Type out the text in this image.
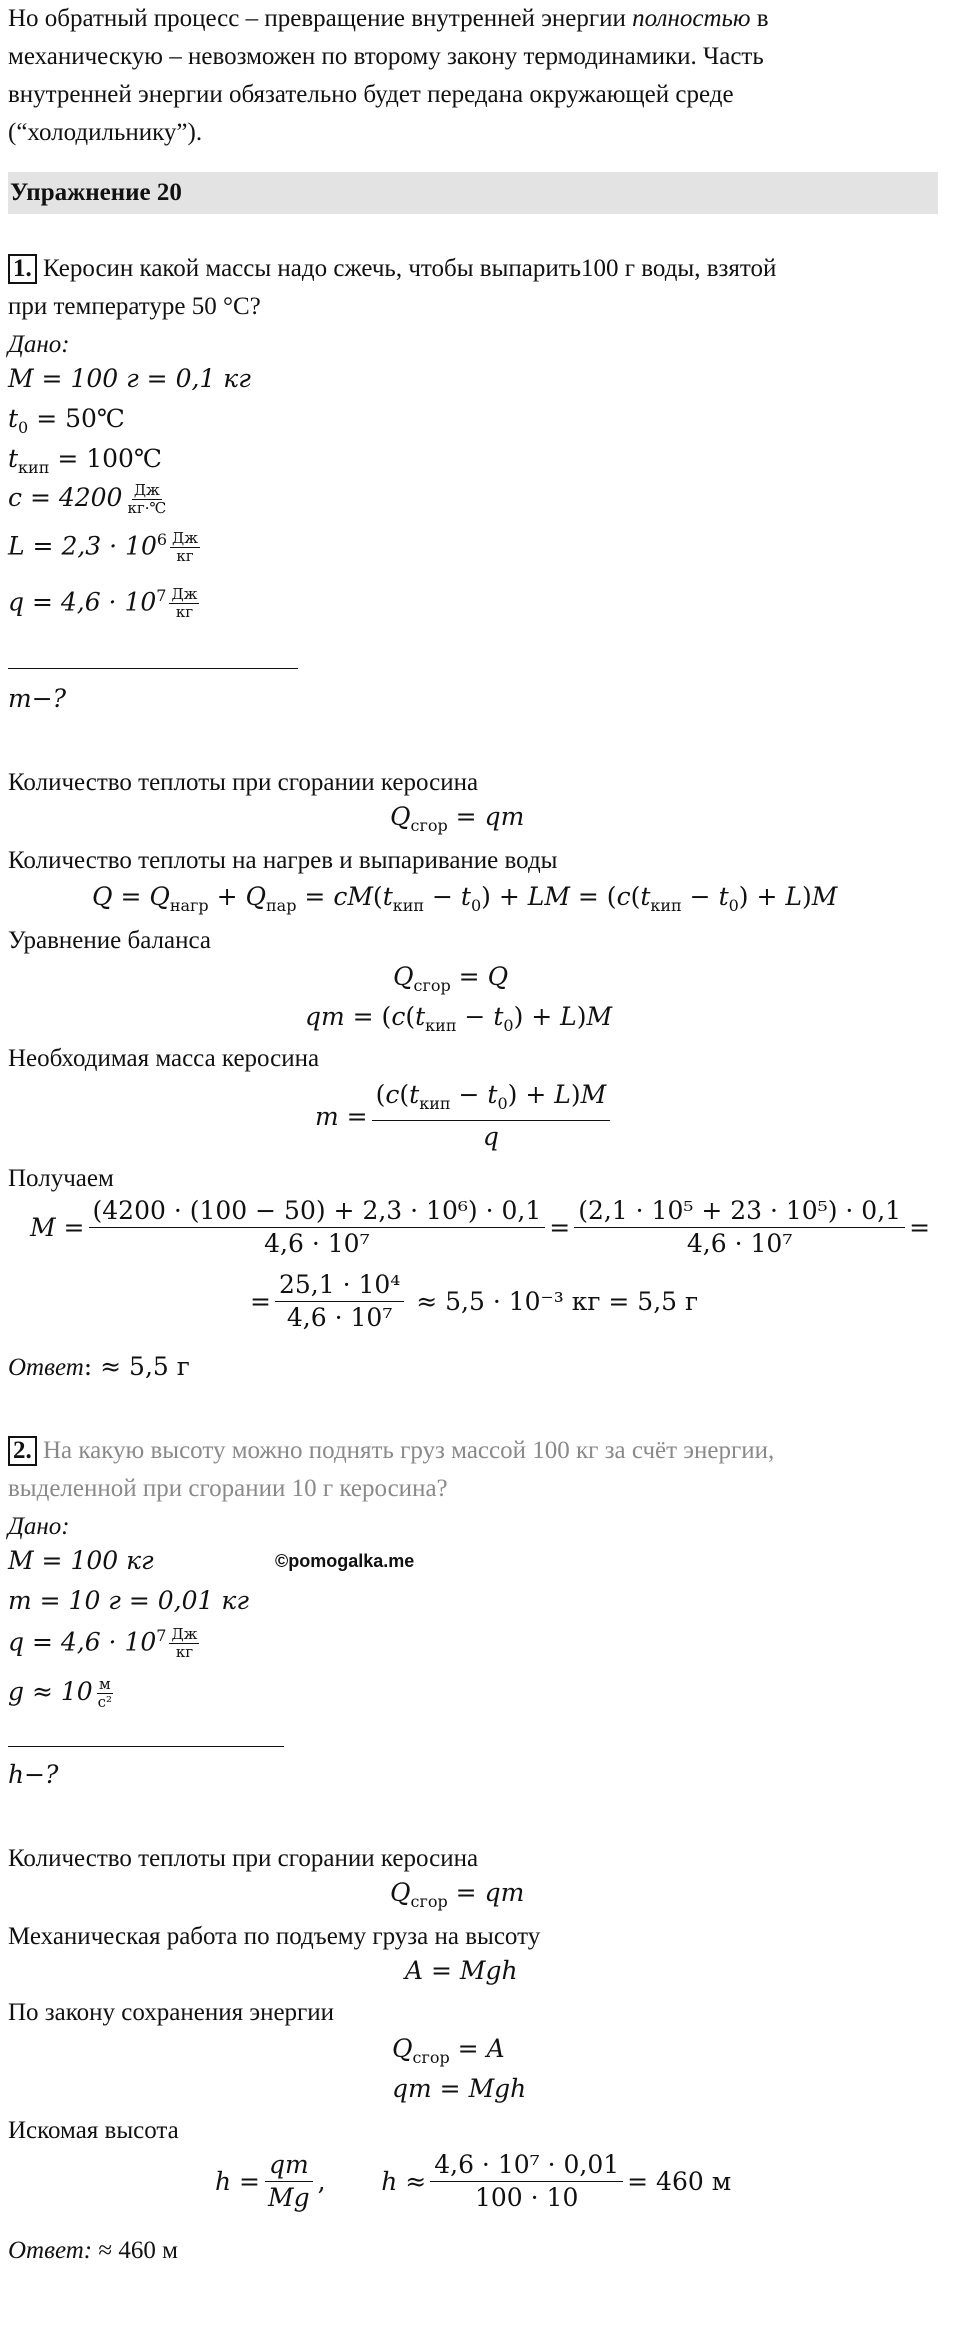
Но обратный процесс – превращение внутренней энергии полностью в
механическую – невозможен по второму закону термодинамики. Часть
внутренней энергии обязательно будет передана окружающей среде
(“холодильнику”).
Упражнение 20
1. Керосин какой массы надо сжечь, чтобы выпарить100 г воды, взятой
при температуре 50 °С?
Дано:
M = 100 г = 0,1 кг
$t_0$ = 50℃
$t_{кип}$ = 100℃
$c = 4200 \frac{Дж}{кг\cdot℃}$
$L = 2,3 \cdot 10^6 \frac{Дж}{кг}$
$q = 4,6 \cdot 10^7 \frac{Дж}{кг}$
m−?
Количество теплоты при сгорании керосина
$Q_{сгор}$ = qm
Количество теплоты на нагрев и выпаривание воды
$Q = Q_{нагр} + Q_{пар} = cM(t_{кип} - t_0)$ + LM = $(c(t_{кип} - t_0) + L)M$
Уравнение баланса
$Q_{сгор} = Q$
qm = $(c(t_{кип} - t_0) + L)M$
Необходимая масса керосина
$m = \frac{(c(t_{кип} - t_0) + L)M}{q}$
Получаем
$M = \frac{\text{(4200 · (100 − 50) + 2,3 · 10⁶) · 0,1}}{\text{4,6 · 10⁷}} = \frac{\text{(2,1 · 10⁵ + 23 · 10⁵) · 0,1}}{\text{4,6 · 10⁷}}$ =
= $\frac{\text{25,1 · 10⁴}}{\text{4,6 · 10⁷}}$
≈ 5,5 · 10⁻³ кг = 5,5 г
Ответ: ≈ 5,5 г
2. На какую высоту можно поднять груз массой 100 кг за счёт энергии,
выделенной при сгорании 10 г керосина?
Дано:
©pomogalka.me
M = 100 кг
m = 10 г = 0,01 кг
$q = 4,6 \cdot 10^7 \frac{Дж}{кг}$
$g \approx 10 \frac{м}{\text{с²}}$
h−?
Количество теплоты при сгорании керосина
$Q_{сгор}$ = qm
Механическая работа по подъему груза на высоту
A = Mgh
По закону сохранения энергии
$Q_{сгор} = A$
qm = Mgh
Искомая высота
$h = \frac{qm}{Mg}$ , $h \approx \frac{\text{4,6 · 10⁷ · 0,01}}{100 \cdot 10} = 460$ м
Ответ: ≈ 460 м
